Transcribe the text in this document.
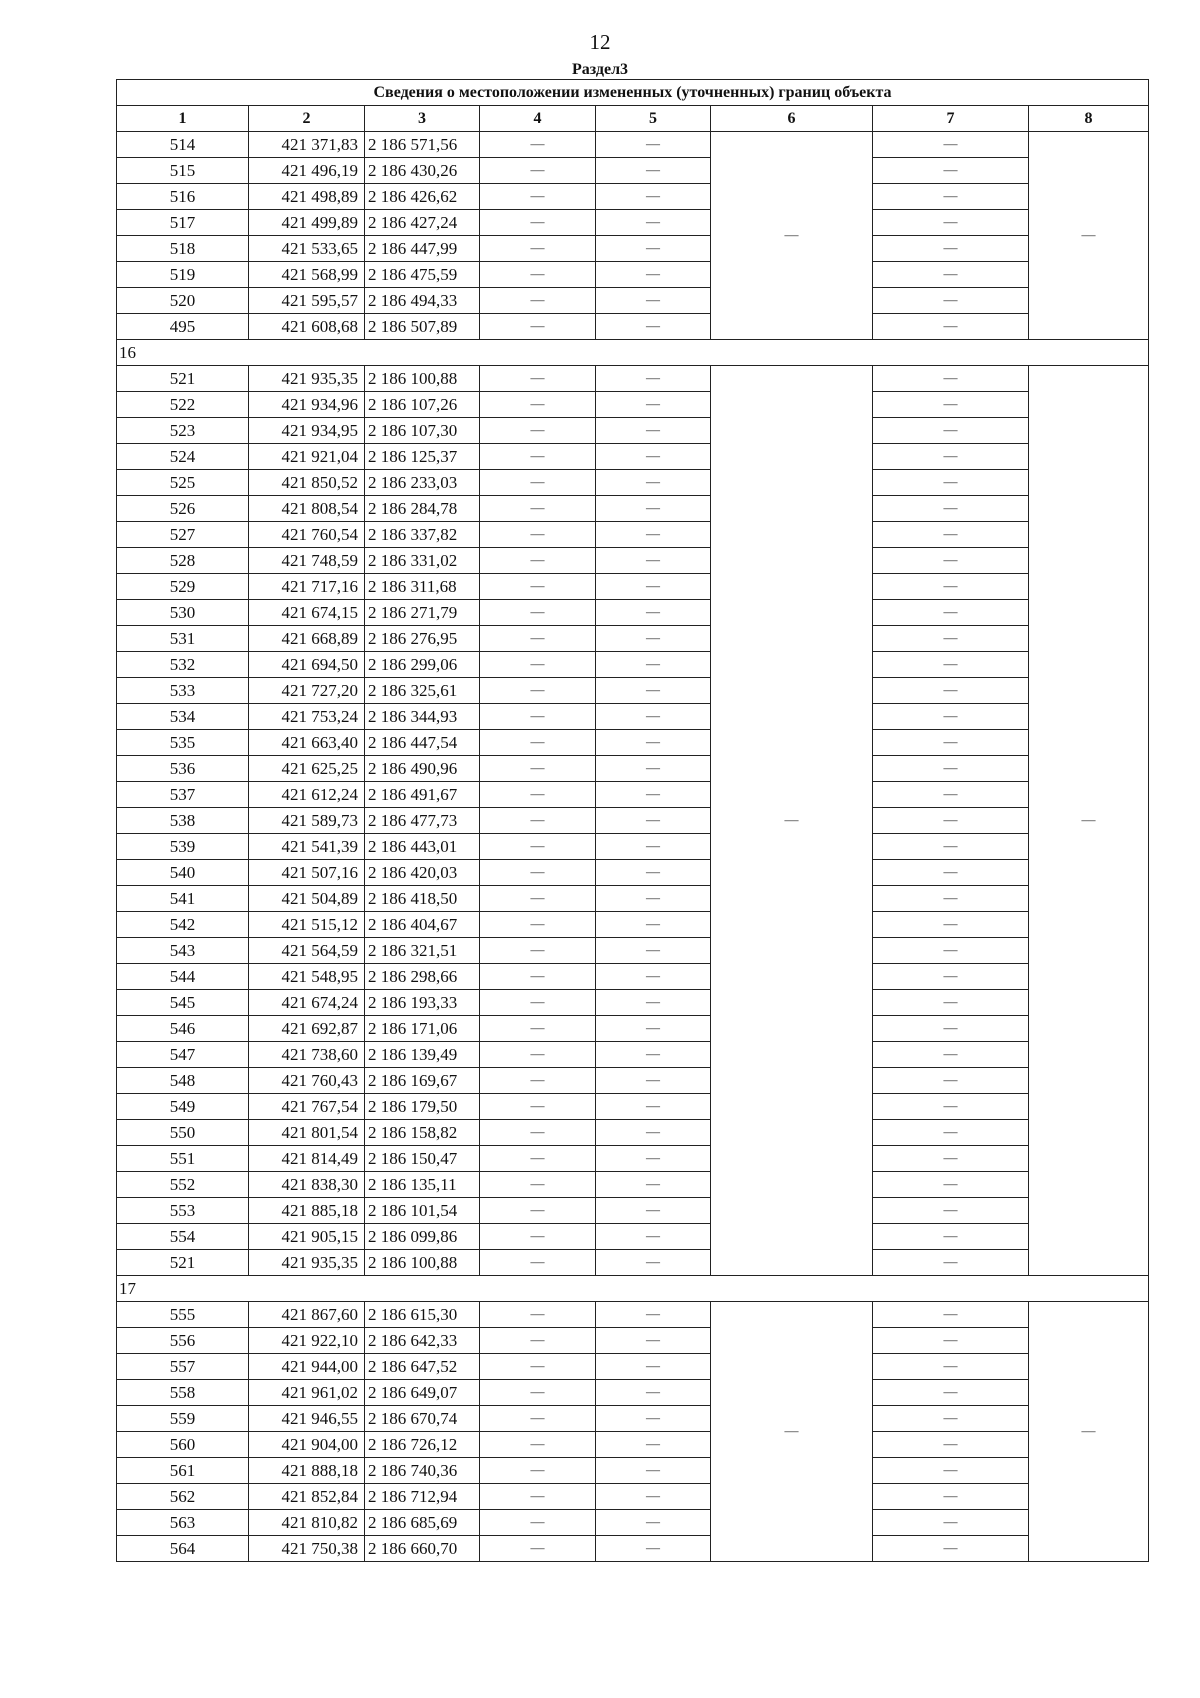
12
Раздел3
Сведения о местоположении измененных (уточненных) границ объекта							
1	2	3	4	5	6	7	8
514	421 371,83	2 186 571,56	—	—	—	—	—
515	421 496,19	2 186 430,26	—	—		—	
516	421 498,89	2 186 426,62	—	—		—	
517	421 499,89	2 186 427,24	—	—		—	
518	421 533,65	2 186 447,99	—	—		—	
519	421 568,99	2 186 475,59	—	—		—	
520	421 595,57	2 186 494,33	—	—		—	
495	421 608,68	2 186 507,89	—	—		—	
16							
521	421 935,35	2 186 100,88	—	—	—	—	—
522	421 934,96	2 186 107,26	—	—		—	
523	421 934,95	2 186 107,30	—	—		—	
524	421 921,04	2 186 125,37	—	—		—	
525	421 850,52	2 186 233,03	—	—		—	
526	421 808,54	2 186 284,78	—	—		—	
527	421 760,54	2 186 337,82	—	—		—	
528	421 748,59	2 186 331,02	—	—		—	
529	421 717,16	2 186 311,68	—	—		—	
530	421 674,15	2 186 271,79	—	—		—	
531	421 668,89	2 186 276,95	—	—		—	
532	421 694,50	2 186 299,06	—	—		—	
533	421 727,20	2 186 325,61	—	—		—	
534	421 753,24	2 186 344,93	—	—		—	
535	421 663,40	2 186 447,54	—	—		—	
536	421 625,25	2 186 490,96	—	—		—	
537	421 612,24	2 186 491,67	—	—		—	
538	421 589,73	2 186 477,73	—	—		—	
539	421 541,39	2 186 443,01	—	—		—	
540	421 507,16	2 186 420,03	—	—		—	
541	421 504,89	2 186 418,50	—	—		—	
542	421 515,12	2 186 404,67	—	—		—	
543	421 564,59	2 186 321,51	—	—		—	
544	421 548,95	2 186 298,66	—	—		—	
545	421 674,24	2 186 193,33	—	—		—	
546	421 692,87	2 186 171,06	—	—		—	
547	421 738,60	2 186 139,49	—	—		—	
548	421 760,43	2 186 169,67	—	—		—	
549	421 767,54	2 186 179,50	—	—		—	
550	421 801,54	2 186 158,82	—	—		—	
551	421 814,49	2 186 150,47	—	—		—	
552	421 838,30	2 186 135,11	—	—		—	
553	421 885,18	2 186 101,54	—	—		—	
554	421 905,15	2 186 099,86	—	—		—	
521	421 935,35	2 186 100,88	—	—		—	
17							
555	421 867,60	2 186 615,30	—	—	—	—	—
556	421 922,10	2 186 642,33	—	—		—	
557	421 944,00	2 186 647,52	—	—		—	
558	421 961,02	2 186 649,07	—	—		—	
559	421 946,55	2 186 670,74	—	—		—	
560	421 904,00	2 186 726,12	—	—		—	
561	421 888,18	2 186 740,36	—	—		—	
562	421 852,84	2 186 712,94	—	—		—	
563	421 810,82	2 186 685,69	—	—		—	
564	421 750,38	2 186 660,70	—	—		—	
